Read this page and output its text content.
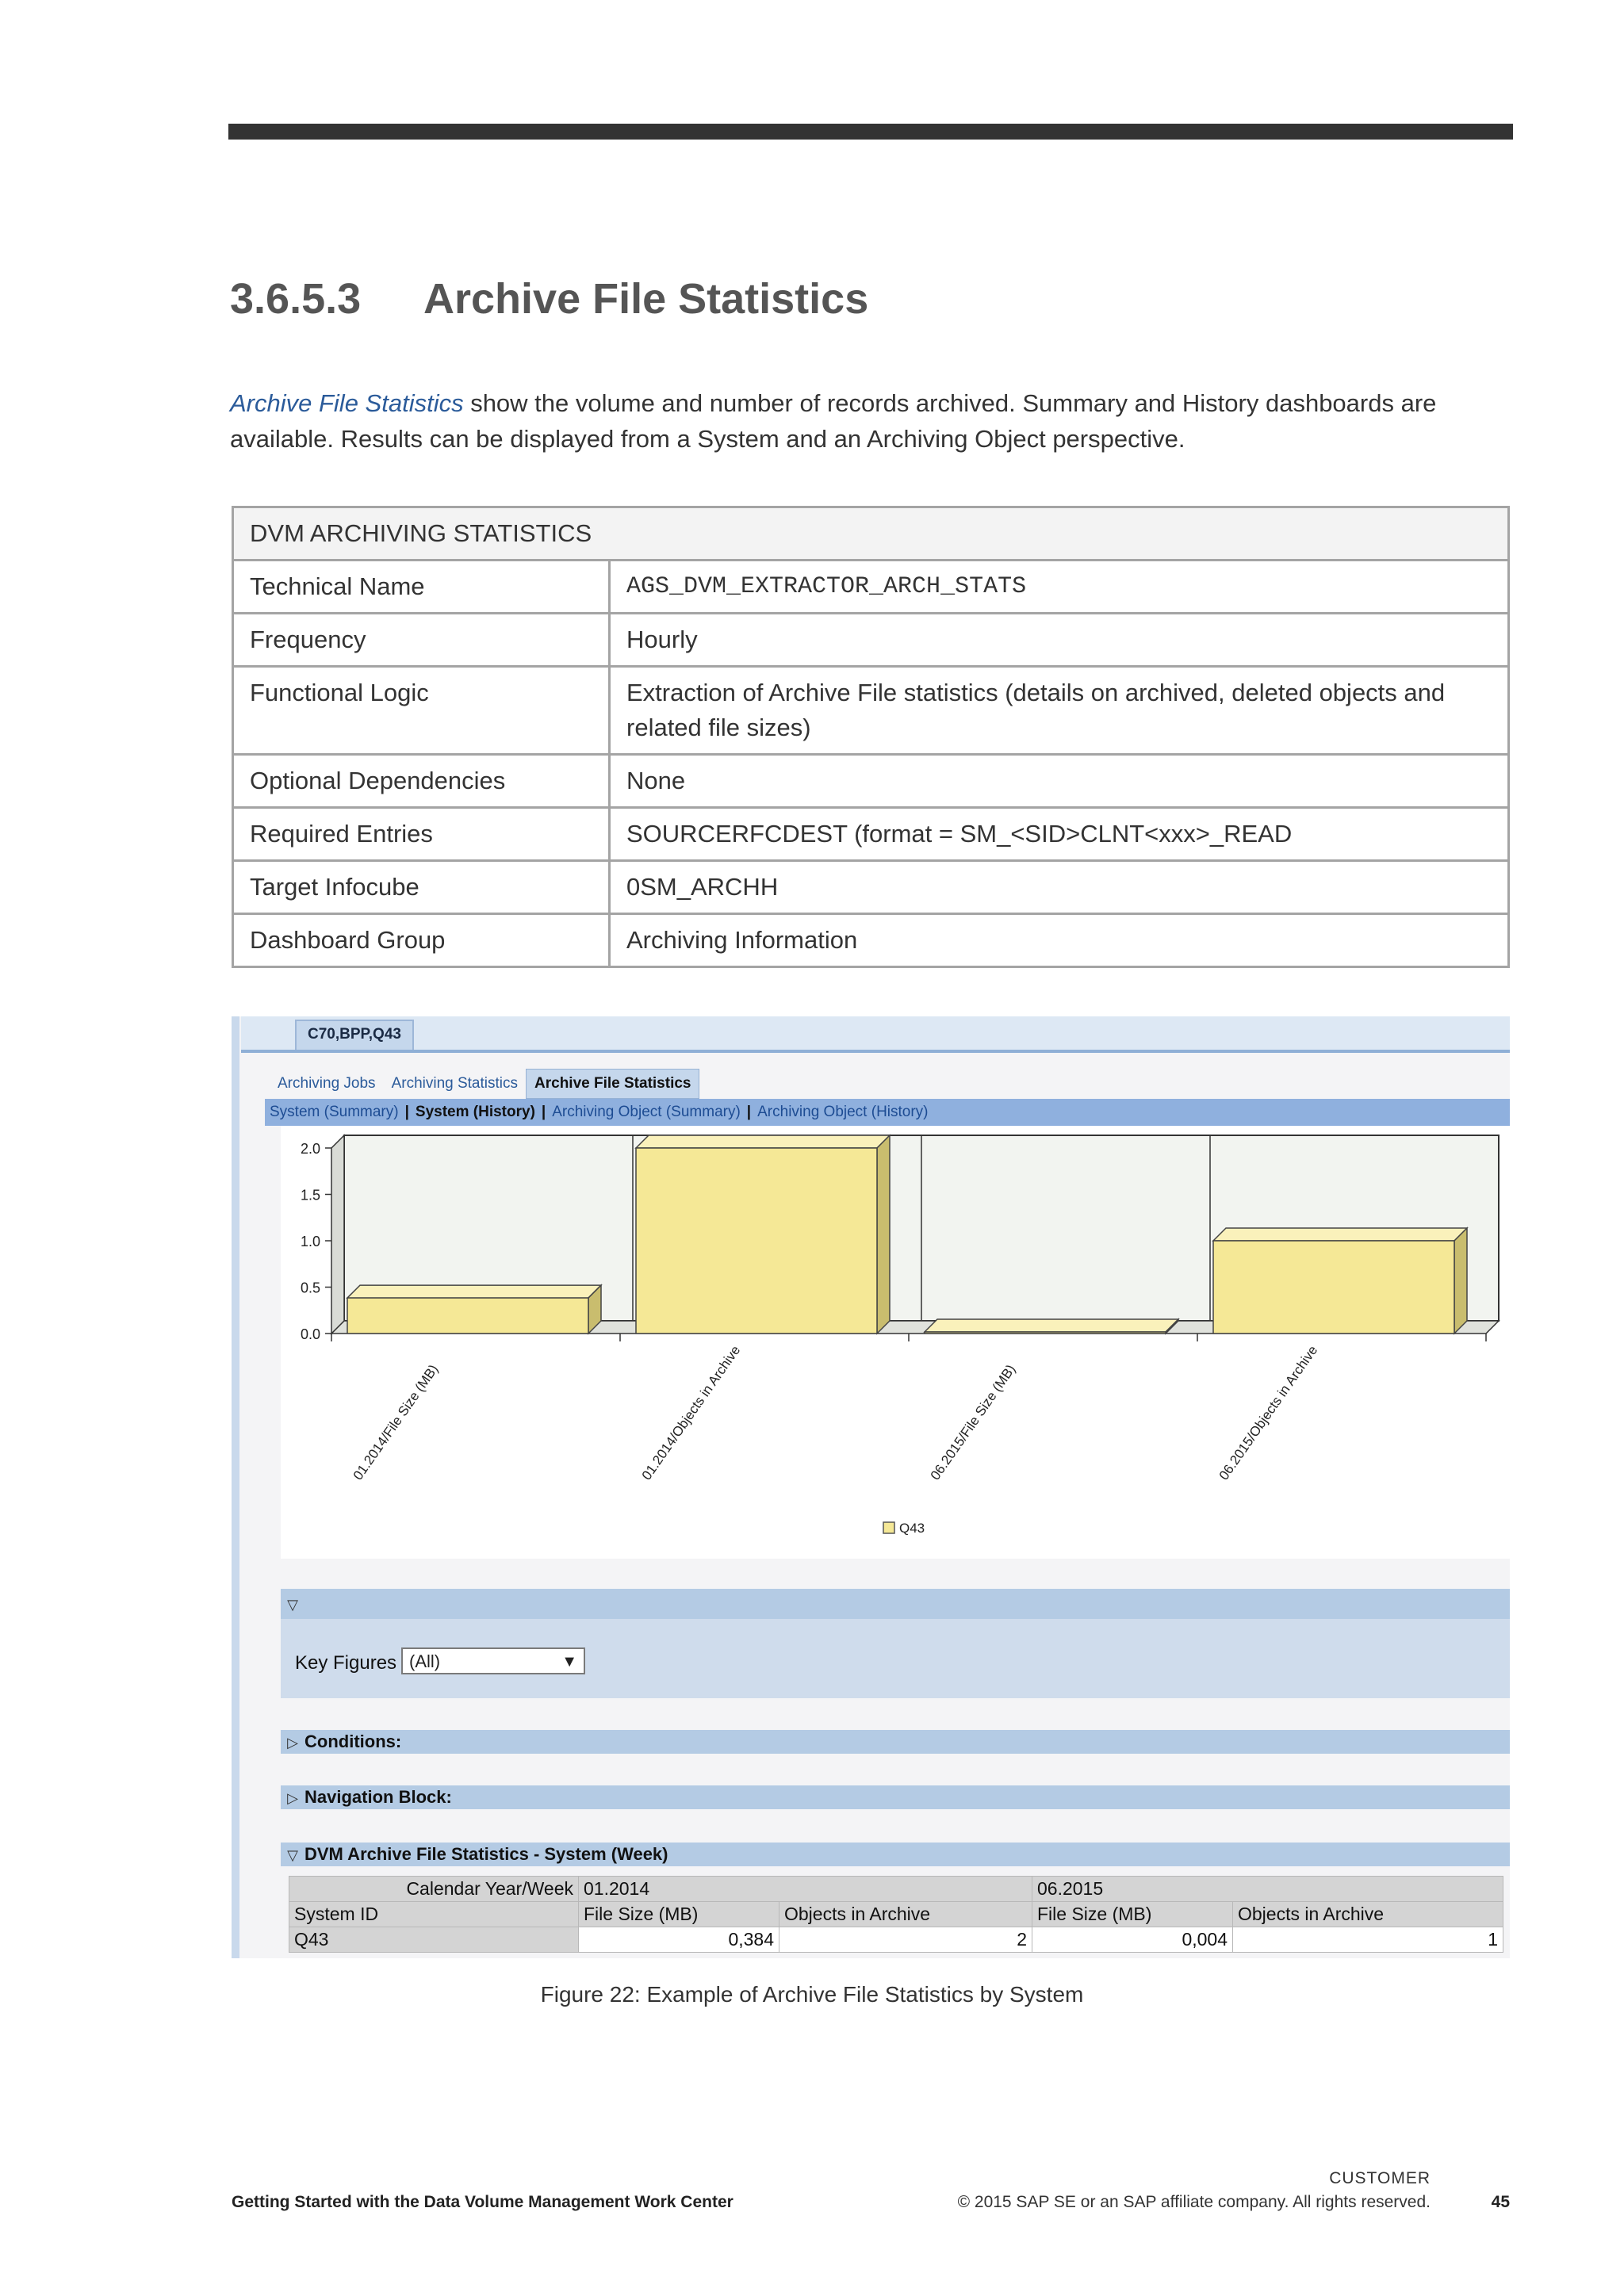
3.6.5.3 Archive File Statistics
Archive File Statistics show the volume and number of records archived. Summary and History dashboards are available. Results can be displayed from a System and an Archiving Object perspective.
DVM ARCHIVING STATISTICS	
Technical Name	AGS_DVM_EXTRACTOR_ARCH_STATS
Frequency	Hourly
Functional Logic	Extraction of Archive File statistics (details on archived, deleted objects and related file sizes)
Optional Dependencies	None
Required Entries	SOURCERFCDEST (format = SM_<SID>CLNT<xxx>_READ
Target Infocube	0SM_ARCHH
Dashboard Group	Archiving Information
C70,BPP,Q43
Archiving Jobs Archiving Statistics Archive File Statistics
System (Summary) | System (History) | Archiving Object (Summary) | Archiving Object (History)
0.0
0.5
1.0
1.5
2.0
01.2014/File Size (MB)	01.2014/Objects in Archive	06.2015/File Size (MB)	06.2015/Objects in Archive
Q43
▽
Key Figures (All)	▼
▷ Conditions:
▷ Navigation Block:
▽ DVM Archive File Statistics - System (Week)
Calendar Year/Week	01.2014		06.2015	
System ID	File Size (MB)	Objects in Archive	File Size (MB)	Objects in Archive
Q43	0,384	2	0,004	1
Figure 22: Example of Archive File Statistics by System
Getting Started with the Data Volume Management Work Center
CUSTOMER
© 2015 SAP SE or an SAP affiliate company. All rights reserved.	45
